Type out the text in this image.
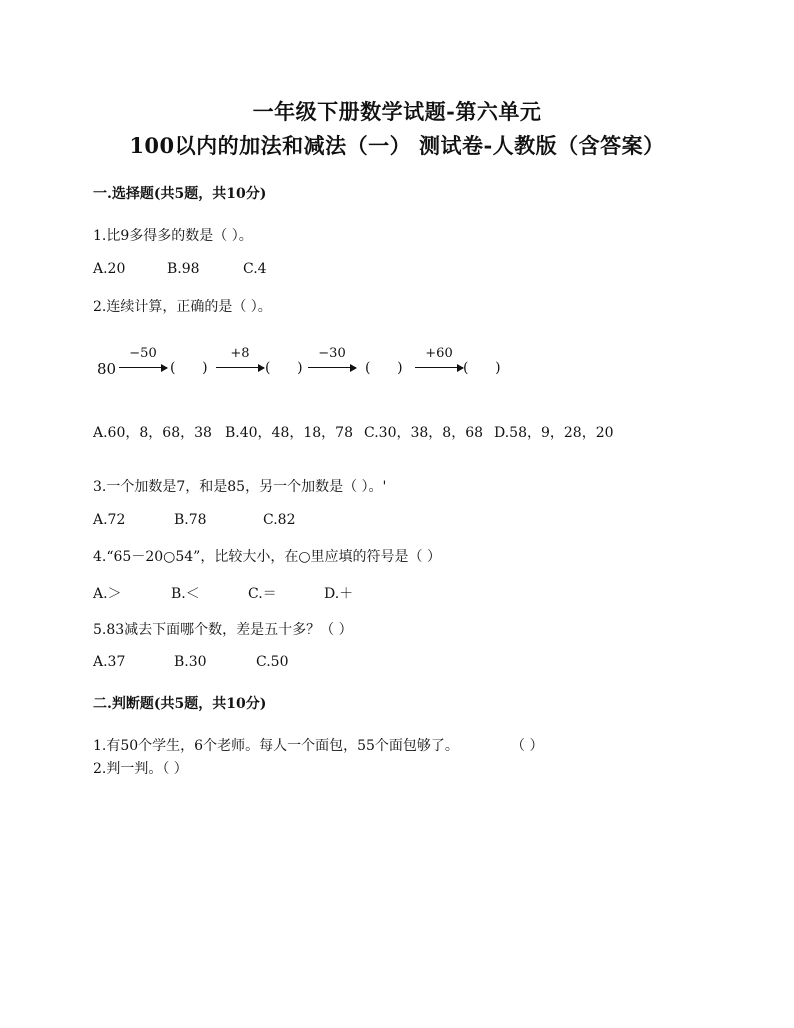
一年级下册数学试题-第六单元
100以内的加法和减法（一） 测试卷-人教版（含答案）
一.选择题(共5题，共10分)
1.比9多得多的数是（ ）。
A.20	B.98	C.4
2.连续计算，正确的是（ ）。
80
−50
(      )
+8
(      )
−30
(      )
+60
(      )
A.60，8，68，38 B.40，48，18，78 C.30，38，8，68 D.58，9，28，20
3.一个加数是7，和是85，另一个加数是（ ）。'
A.72	B.78	C.82
4.“65－20○54”，比较大小，在○里应填的符号是（ ）
A.＞	B.＜	C.＝	D.＋
5.83减去下面哪个数，差是五十多？（ ）
A.37	B.30	C.50
二.判断题(共5题，共10分)
1.有50个学生，6个老师。每人一个面包，55个面包够了。	（ ）
2.判一判。（ ）
